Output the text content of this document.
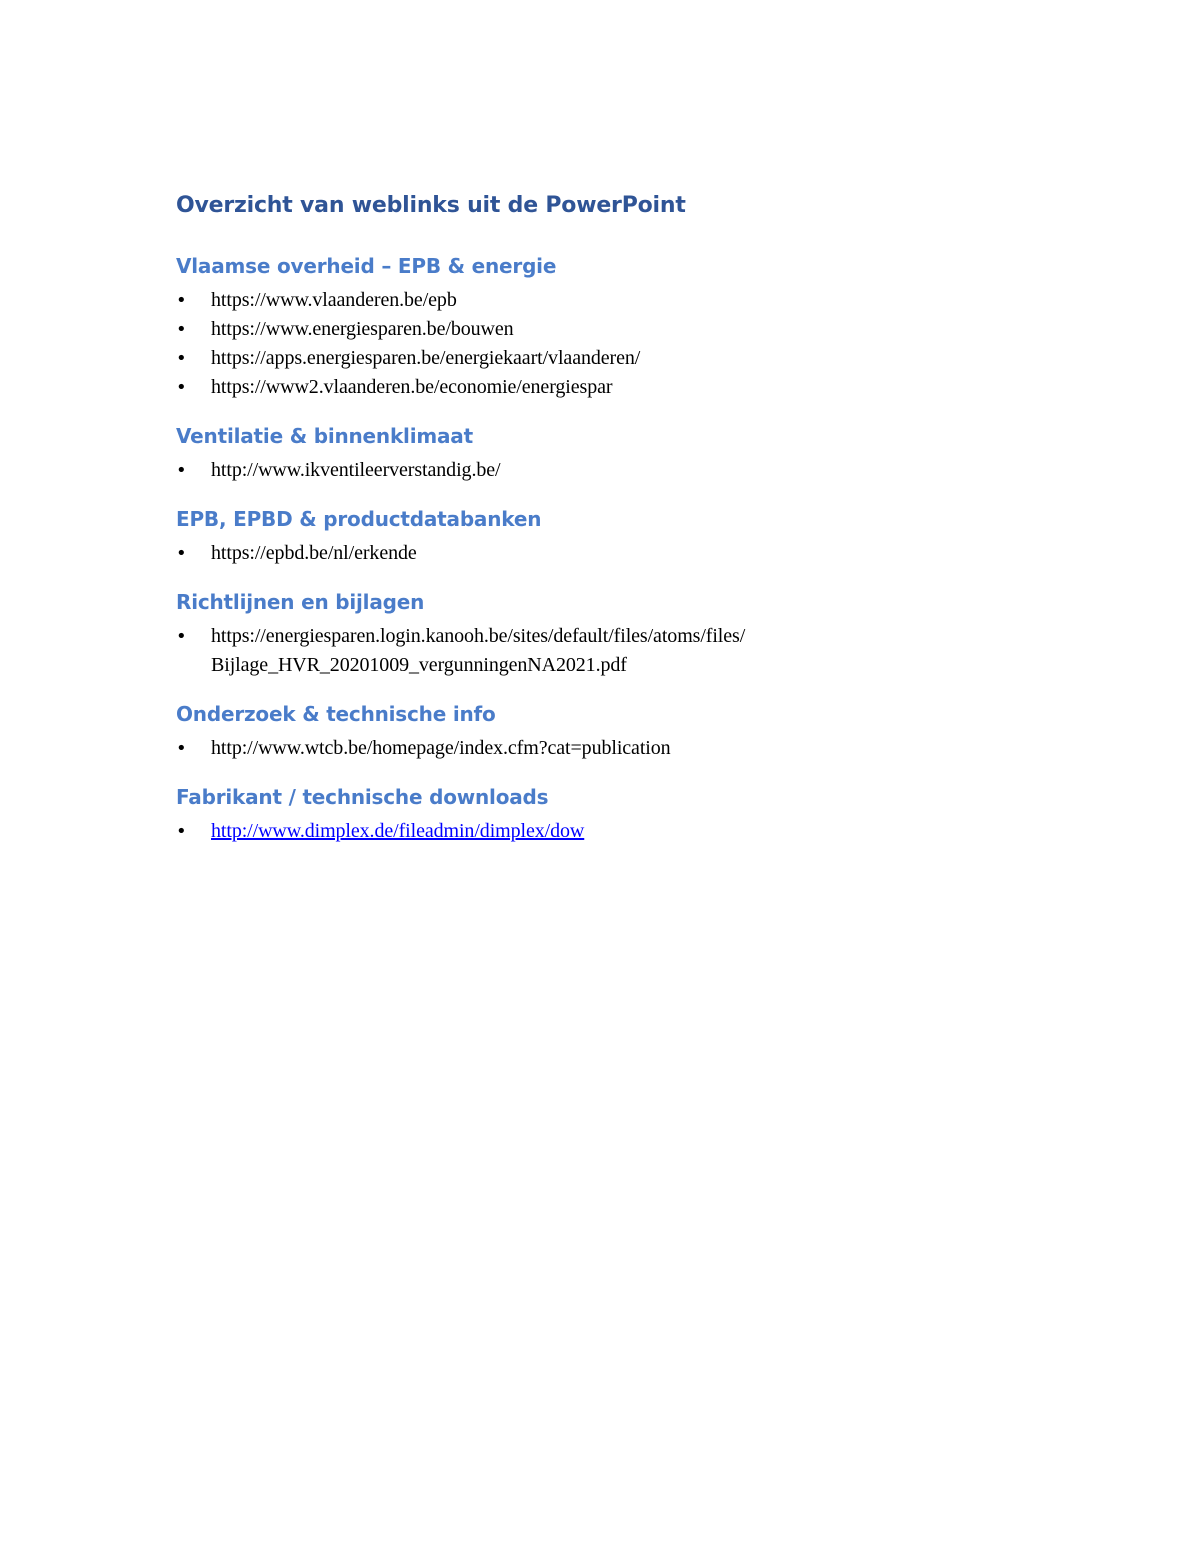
Overzicht van weblinks uit de PowerPoint
Vlaamse overheid – EPB & energie
•	https://www.vlaanderen.be/epb
•	https://www.energiesparen.be/bouwen
•	https://apps.energiesparen.be/energiekaart/vlaanderen/
•	https://www2.vlaanderen.be/economie/energiespar
Ventilatie & binnenklimaat
•	http://www.ikventileerverstandig.be/
EPB, EPBD & productdatabanken
•	https://epbd.be/nl/erkende
Richtlijnen en bijlagen
•	https://energiesparen.login.kanooh.be/sites/default/files/atoms/files/ Bijlage_HVR_20201009_vergunningenNA2021.pdf
Onderzoek & technische info
•	http://www.wtcb.be/homepage/index.cfm?cat=publication
Fabrikant / technische downloads
•	http://www.dimplex.de/fileadmin/dimplex/dow
